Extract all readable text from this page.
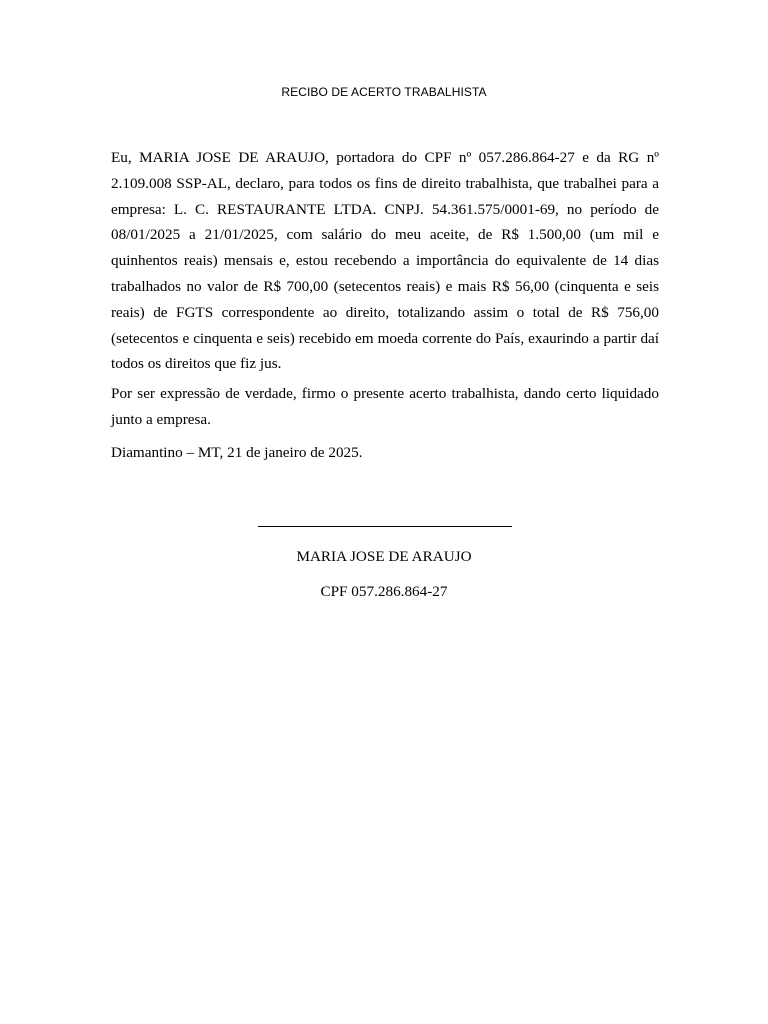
RECIBO DE ACERTO TRABALHISTA

Eu, MARIA JOSE DE ARAUJO, portadora do CPF nº 057.286.864-27 e da RG nº 2.109.008 SSP-AL, declaro, para todos os fins de direito trabalhista, que trabalhei para a empresa: L. C. RESTAURANTE LTDA. CNPJ. 54.361.575/0001-69, no período de 08/01/2025 a 21/01/2025, com salário do meu aceite, de R$ 1.500,00 (um mil e quinhentos reais) mensais e, estou recebendo a importância do equivalente de 14 dias trabalhados no valor de R$ 700,00 (setecentos reais) e mais R$ 56,00 (cinquenta e seis reais) de FGTS correspondente ao direito, totalizando assim o total de R$ 756,00 (setecentos e cinquenta e seis) recebido em moeda corrente do País, exaurindo a partir daí todos os direitos que fiz jus.

Por ser expressão de verdade, firmo o presente acerto trabalhista, dando certo liquidado junto a empresa.

Diamantino – MT, 21 de janeiro de 2025.

MARIA JOSE DE ARAUJO
CPF 057.286.864-27
